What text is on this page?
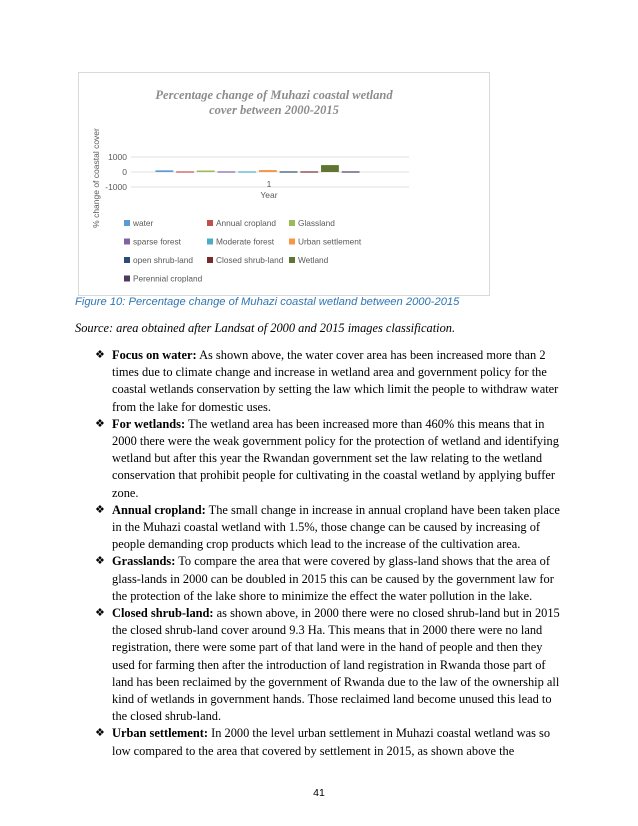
Percentage change of Muhazi coastal wetland
cover between 2000-2015
% change of coastal cover 1000
0
-1000	1
Year
water	Annual cropland	Glassland
sparse forest	Moderate forest	Urban settlement
open shrub-land	Closed shrub-land Wetland
Perennial cropland
Figure 10: Percentage change of Muhazi coastal wetland between 2000-2015
Source: area obtained after Landsat of 2000 and 2015 images classification.
❖ Focus on water: As shown above, the water cover area has been increased more than 2 times due to climate change and increase in wetland area and government policy for the coastal wetlands conservation by setting the law which limit the people to withdraw water from the lake for domestic uses.
❖ For wetlands: The wetland area has been increased more than 460% this means that in 2000 there were the weak government policy for the protection of wetland and identifying wetland but after this year the Rwandan government set the law relating to the wetland conservation that prohibit people for cultivating in the coastal wetland by applying buffer zone.
❖ Annual cropland: The small change in increase in annual cropland have been taken place in the Muhazi coastal wetland with 1.5%, those change can be caused by increasing of people demanding crop products which lead to the increase of the cultivation area.
❖ Grasslands: To compare the area that were covered by glass-land shows that the area of glass-lands in 2000 can be doubled in 2015 this can be caused by the government law for the protection of the lake shore to minimize the effect the water pollution in the lake.
❖ Closed shrub-land: as shown above, in 2000 there were no closed shrub-land but in 2015 the closed shrub-land cover around 9.3 Ha. This means that in 2000 there were no land registration, there were some part of that land were in the hand of people and then they used for farming then after the introduction of land registration in Rwanda those part of land has been reclaimed by the government of Rwanda due to the law of the ownership all kind of wetlands in government hands. Those reclaimed land become unused this lead to the closed shrub-land.
❖ Urban settlement: In 2000 the level urban settlement in Muhazi coastal wetland was so low compared to the area that covered by settlement in 2015, as shown above the
41
